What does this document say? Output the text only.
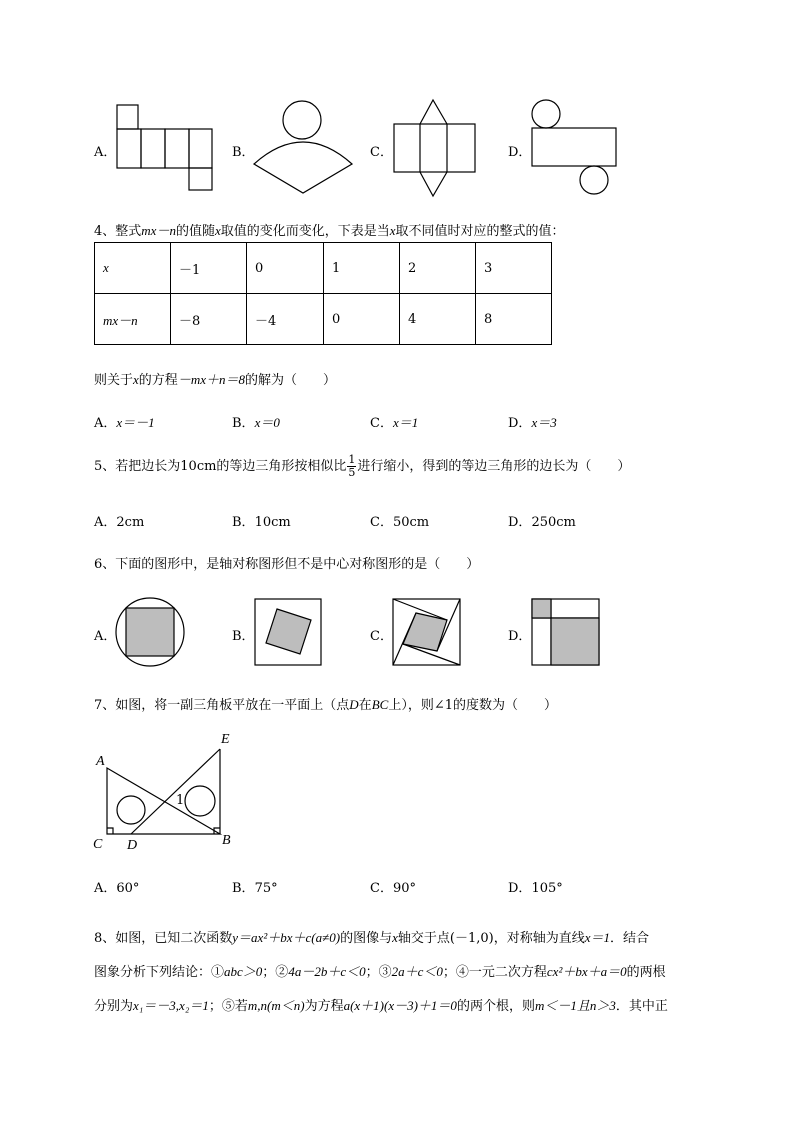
A．	B．	C．	D．
4、整式mx－n的值随x取值的变化而变化，下表是当x取不同值时对应的整式的值：
x	－1	0	1	2	3
mx－n	－8	－4	0	4	8
则关于x的方程－mx＋n＝8的解为（　　）
A．x＝－1	B．x＝0	C．x＝1	D．x＝3
5、若把边长为10cm的等边三角形按相似比 $\frac{1}{5}$ 进行缩小，得到的等边三角形的边长为（　　）
A．2cm	B．10cm	C．50cm	D．250cm
6、下面的图形中，是轴对称图形但不是中心对称图形的是（　　）
A．	B．	C．	D．
7、如图，将一副三角板平放在一平面上（点D在BC上），则∠1的度数为（　　）
A
E
1
C D	B
A．60°	B．75°	C．90°	D．105°
8、如图，已知二次函数y＝ax²＋bx＋c(a≠0)的图像与x轴交于点(－1,0)，对称轴为直线x＝1．结合
图象分析下列结论：①abc＞0；②4a－2b＋c＜0；③2a＋c＜0；④一元二次方程cx²＋bx＋a＝0的两根
分别为x₁＝－3,x₂＝1；⑤若m,n(m＜n)为方程a(x＋1)(x－3)＋1＝0的两个根，则m＜－1且n＞3．其中正
